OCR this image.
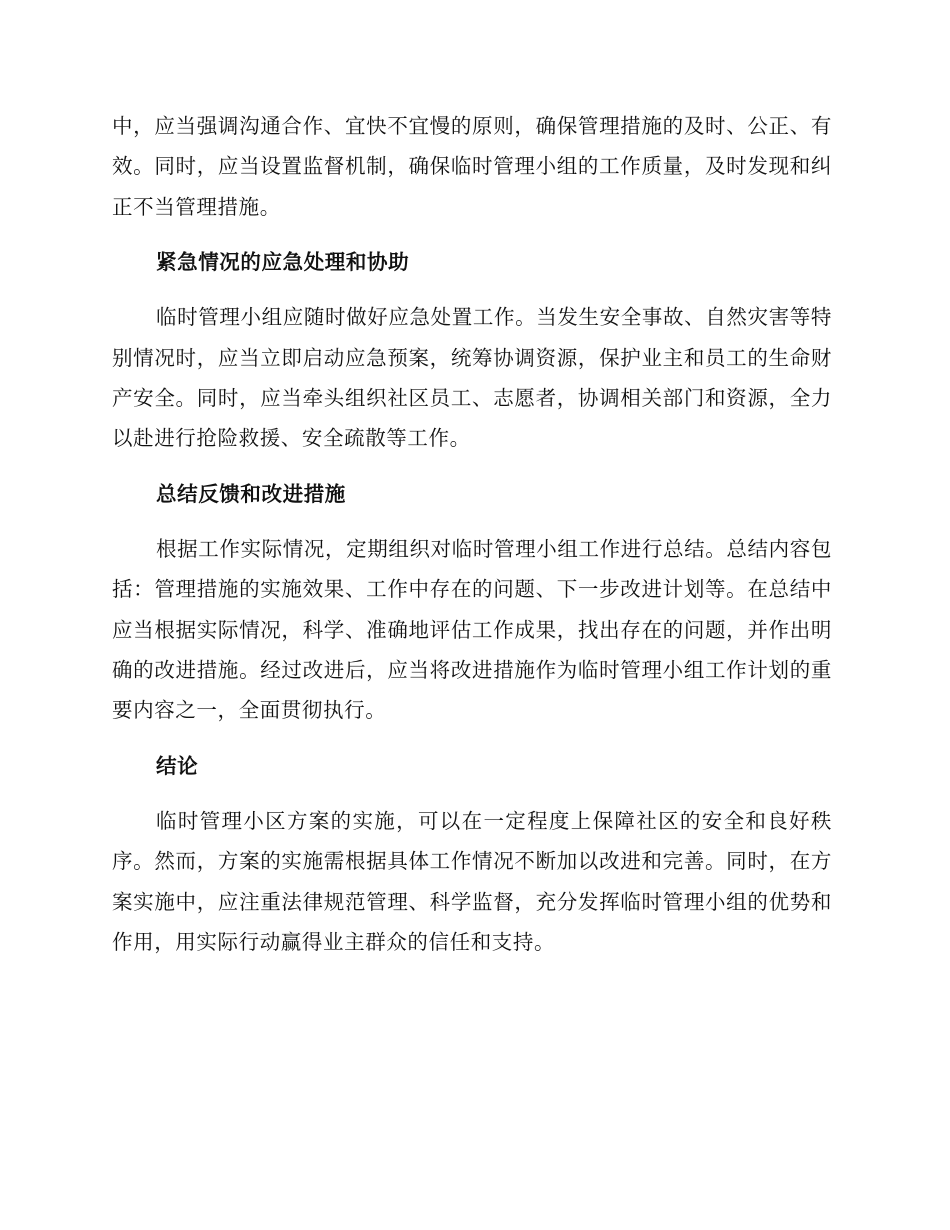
中，应当强调沟通合作、宜快不宜慢的原则，确保管理措施的及时、公正、有效。同时，应当设置监督机制，确保临时管理小组的工作质量，及时发现和纠正不当管理措施。

紧急情况的应急处理和协助

临时管理小组应随时做好应急处置工作。当发生安全事故、自然灾害等特别情况时，应当立即启动应急预案，统筹协调资源，保护业主和员工的生命财产安全。同时，应当牵头组织社区员工、志愿者，协调相关部门和资源，全力以赴进行抢险救援、安全疏散等工作。

总结反馈和改进措施

根据工作实际情况，定期组织对临时管理小组工作进行总结。总结内容包括：管理措施的实施效果、工作中存在的问题、下一步改进计划等。在总结中应当根据实际情况，科学、准确地评估工作成果，找出存在的问题，并作出明确的改进措施。经过改进后，应当将改进措施作为临时管理小组工作计划的重要内容之一，全面贯彻执行。

结论

临时管理小区方案的实施，可以在一定程度上保障社区的安全和良好秩序。然而，方案的实施需根据具体工作情况不断加以改进和完善。同时，在方案实施中，应注重法律规范管理、科学监督，充分发挥临时管理小组的优势和作用，用实际行动赢得业主群众的信任和支持。
